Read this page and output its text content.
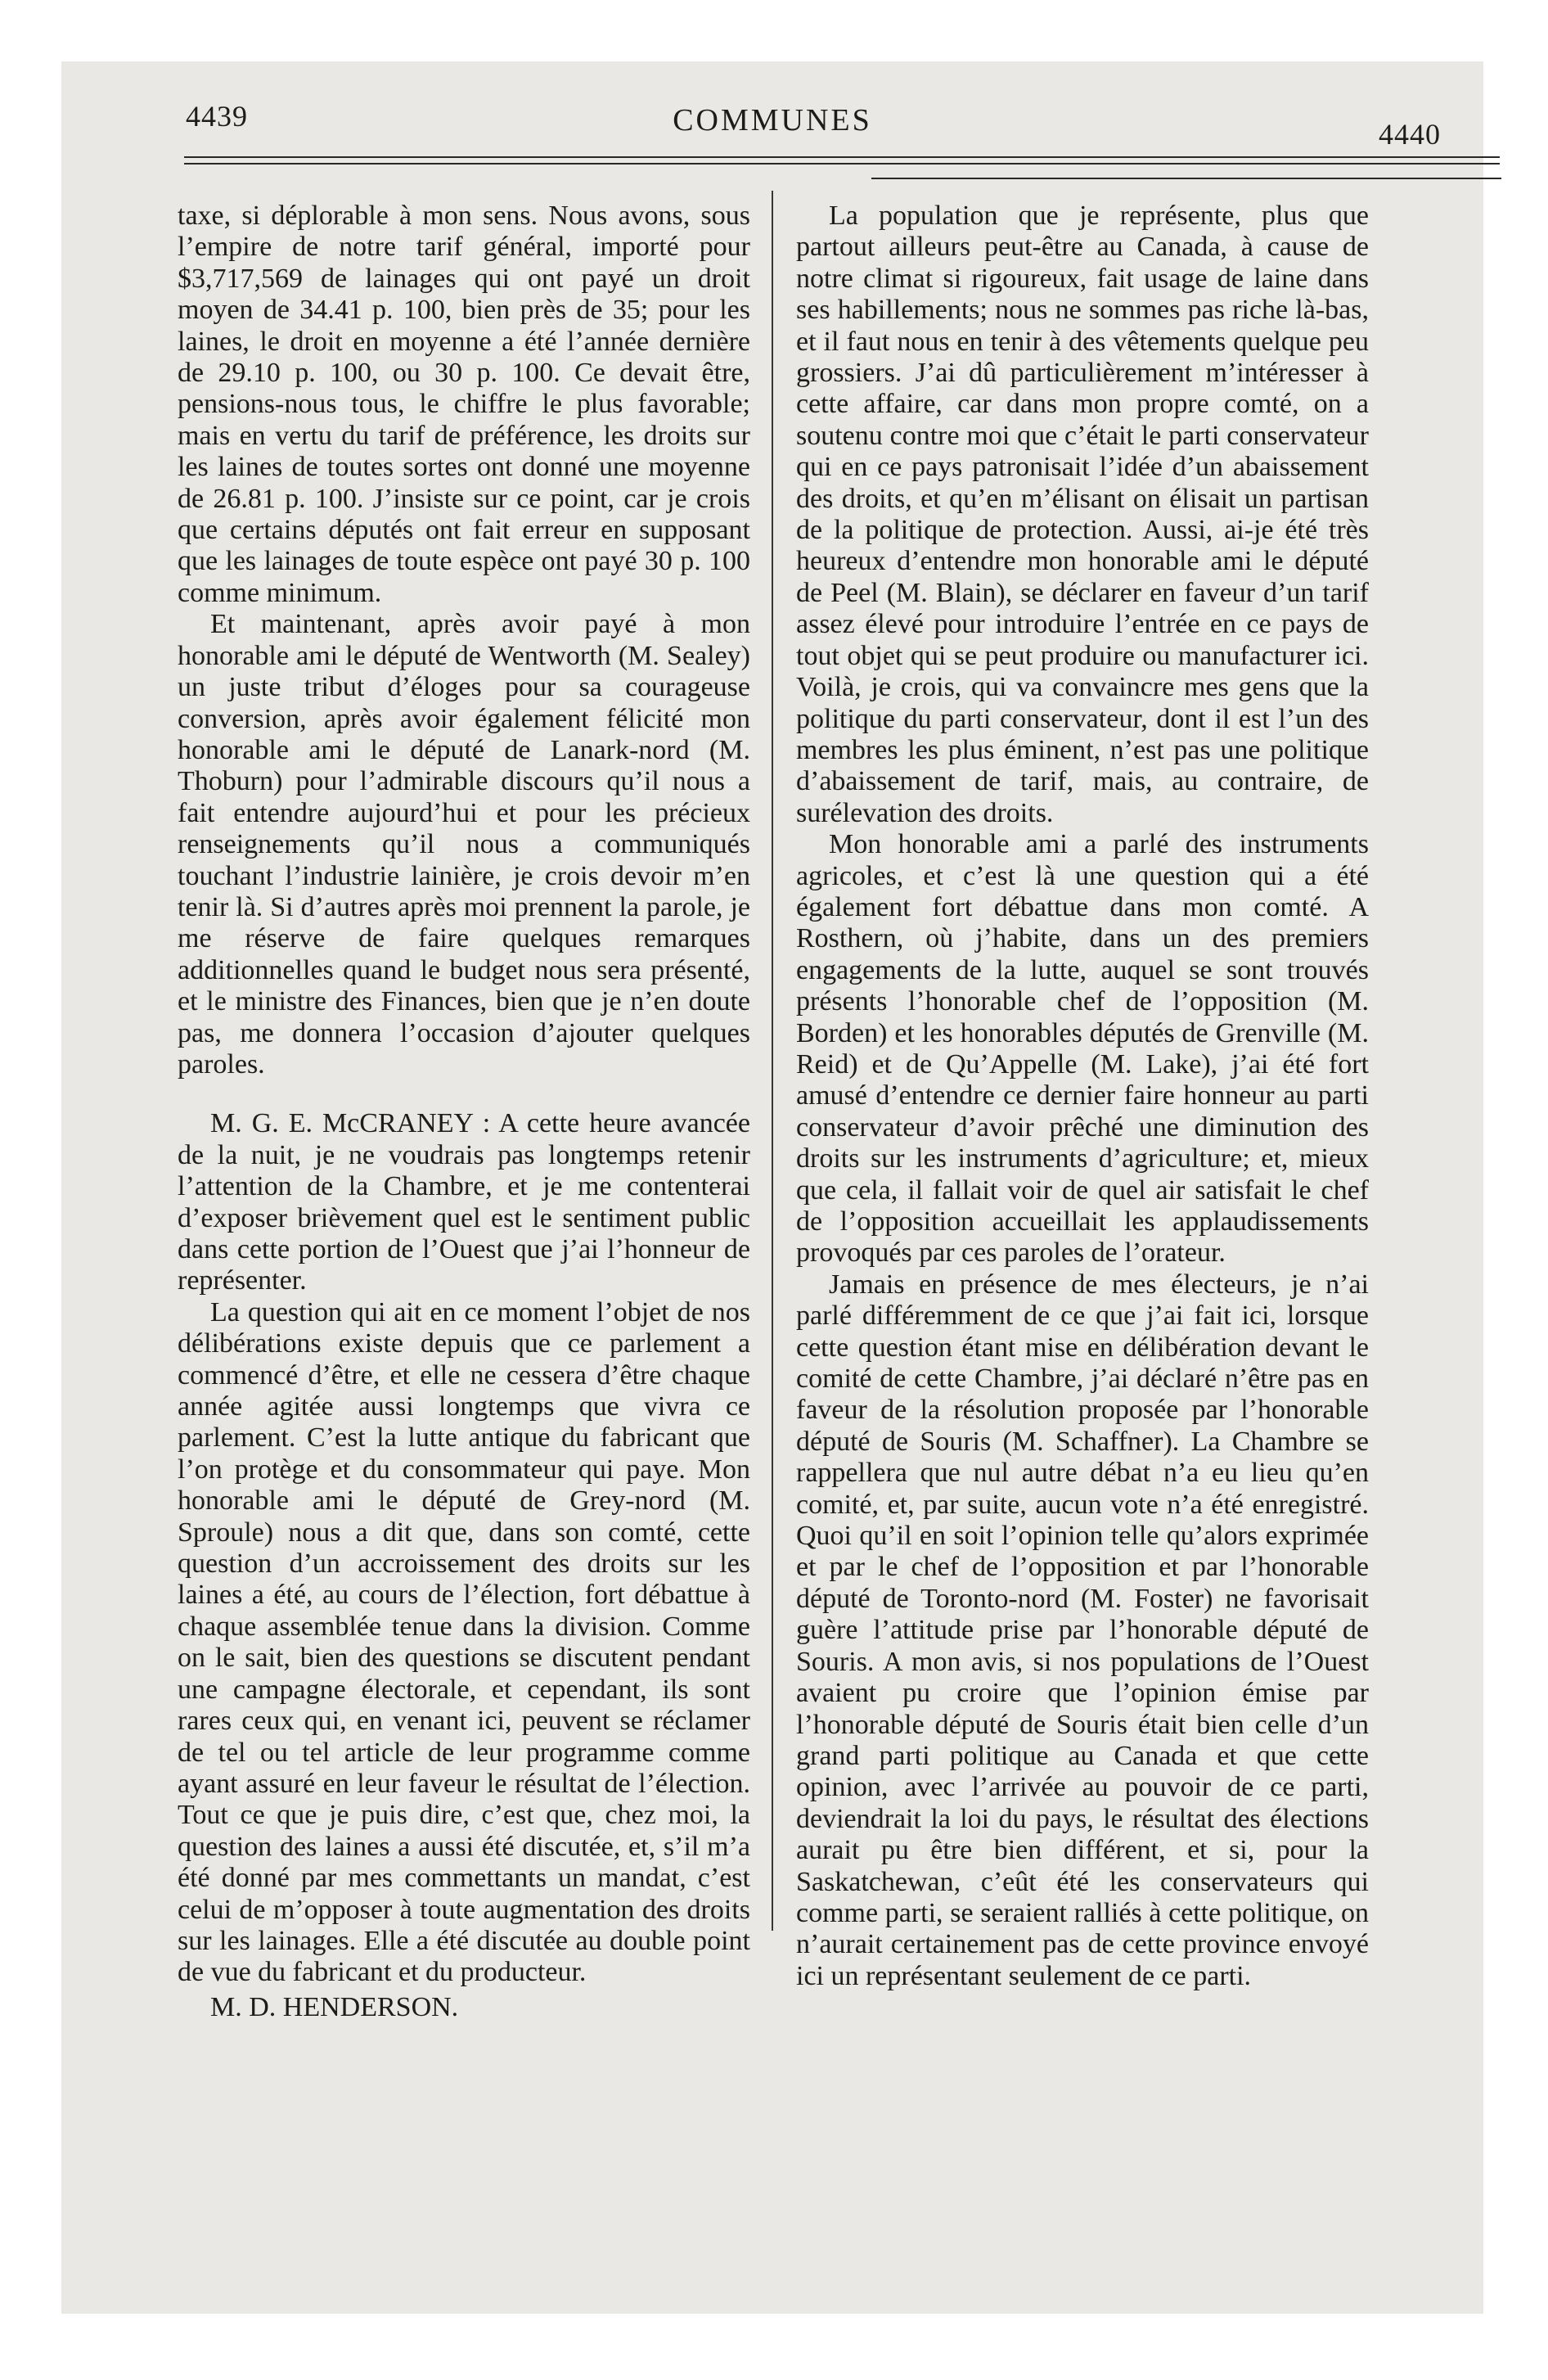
4439	COMMUNES	4440

taxe, si déplorable à mon sens. Nous avons, sous l’empire de notre tarif général, importé pour $3,717,569 de lainages qui ont payé un droit moyen de 34.41 p. 100, bien près de 35; pour les laines, le droit en moyenne a été l’année dernière de 29.10 p. 100, ou 30 p. 100. Ce devait être, pensions-nous tous, le chiffre le plus favorable; mais en vertu du tarif de préférence, les droits sur les laines de toutes sortes ont donné une moyenne de 26.81 p. 100. J’insiste sur ce point, car je crois que certains députés ont fait erreur en supposant que les lainages de toute espèce ont payé 30 p. 100 comme minimum.

Et maintenant, après avoir payé à mon honorable ami le député de Wentworth (M. Sealey) un juste tribut d’éloges pour sa courageuse conversion, après avoir également félicité mon honorable ami le député de Lanark-nord (M. Thoburn) pour l’admirable discours qu’il nous a fait entendre aujourd’hui et pour les précieux renseignements qu’il nous a communiqués touchant l’industrie lainière, je crois devoir m’en tenir là. Si d’autres après moi prennent la parole, je me réserve de faire quelques remarques additionnelles quand le budget nous sera présenté, et le ministre des Finances, bien que je n’en doute pas, me donnera l’occasion d’ajouter quelques paroles.

M. G. E. McCRANEY : A cette heure avancée de la nuit, je ne voudrais pas longtemps retenir l’attention de la Chambre, et je me contenterai d’exposer brièvement quel est le sentiment public dans cette portion de l’Ouest que j’ai l’honneur de représenter.

La question qui ait en ce moment l’objet de nos délibérations existe depuis que ce parlement a commencé d’être, et elle ne cessera d’être chaque année agitée aussi longtemps que vivra ce parlement. C’est la lutte antique du fabricant que l’on protège et du consommateur qui paye. Mon honorable ami le député de Grey-nord (M. Sproule) nous a dit que, dans son comté, cette question d’un accroissement des droits sur les laines a été, au cours de l’élection, fort débattue à chaque assemblée tenue dans la division. Comme on le sait, bien des questions se discutent pendant une campagne électorale, et cependant, ils sont rares ceux qui, en venant ici, peuvent se réclamer de tel ou tel article de leur programme comme ayant assuré en leur faveur le résultat de l’élection. Tout ce que je puis dire, c’est que, chez moi, la question des laines a aussi été discutée, et, s’il m’a été donné par mes commettants un mandat, c’est celui de m’opposer à toute augmentation des droits sur les lainages. Elle a été discutée au double point de vue du fabricant et du producteur.

M. D. HENDERSON.

La population que je représente, plus que partout ailleurs peut-être au Canada, à cause de notre climat si rigoureux, fait usage de laine dans ses habillements; nous ne sommes pas riche là-bas, et il faut nous en tenir à des vêtements quelque peu grossiers. J’ai dû particulièrement m’intéresser à cette affaire, car dans mon propre comté, on a soutenu contre moi que c’était le parti conservateur qui en ce pays patronisait l’idée d’un abaissement des droits, et qu’en m’élisant on élisait un partisan de la politique de protection. Aussi, ai-je été très heureux d’entendre mon honorable ami le député de Peel (M. Blain), se déclarer en faveur d’un tarif assez élevé pour introduire l’entrée en ce pays de tout objet qui se peut produire ou manufacturer ici. Voilà, je crois, qui va convaincre mes gens que la politique du parti conservateur, dont il est l’un des membres les plus éminent, n’est pas une politique d’abaissement de tarif, mais, au contraire, de surélevation des droits.

Mon honorable ami a parlé des instruments agricoles, et c’est là une question qui a été également fort débattue dans mon comté. A Rosthern, où j’habite, dans un des premiers engagements de la lutte, auquel se sont trouvés présents l’honorable chef de l’opposition (M. Borden) et les honorables députés de Grenville (M. Reid) et de Qu’Appelle (M. Lake), j’ai été fort amusé d’entendre ce dernier faire honneur au parti conservateur d’avoir prêché une diminution des droits sur les instruments d’agriculture; et, mieux que cela, il fallait voir de quel air satisfait le chef de l’opposition accueillait les applaudissements provoqués par ces paroles de l’orateur.

Jamais en présence de mes électeurs, je n’ai parlé différemment de ce que j’ai fait ici, lorsque cette question étant mise en délibération devant le comité de cette Chambre, j’ai déclaré n’être pas en faveur de la résolution proposée par l’honorable député de Souris (M. Schaffner). La Chambre se rappellera que nul autre débat n’a eu lieu qu’en comité, et, par suite, aucun vote n’a été enregistré. Quoi qu’il en soit l’opinion telle qu’alors exprimée et par le chef de l’opposition et par l’honorable député de Toronto-nord (M. Foster) ne favorisait guère l’attitude prise par l’honorable député de Souris. A mon avis, si nos populations de l’Ouest avaient pu croire que l’opinion émise par l’honorable député de Souris était bien celle d’un grand parti politique au Canada et que cette opinion, avec l’arrivée au pouvoir de ce parti, deviendrait la loi du pays, le résultat des élections aurait pu être bien différent, et si, pour la Saskatchewan, c’eût été les conservateurs qui comme parti, se seraient ralliés à cette politique, on n’aurait certainement pas de cette province envoyé ici un représentant seulement de ce parti.
